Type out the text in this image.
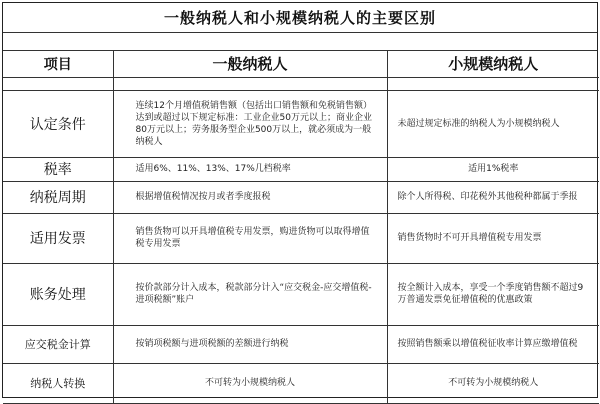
一般纳税人和小规模纳税人的主要区别
项目	一般纳税人	小规模纳税人

认定条件	连续12个月增值税销售额（包括出口销售额和免税销售额）达到或超过以下规定标准：工业企业50万元以上；商业企业80万元以上；劳务服务型企业500万以上，就必须成为一般纳税人	未超过规定标准的纳税人为小规模纳税人
税率	适用6%、11%、13%、17%几档税率	适用1%税率
纳税周期	根据增值税情况按月或者季度报税	除个人所得税、印花税外其他税种都属于季报
适用发票	销售货物可以开具增值税专用发票，购进货物可以取得增值税专用发票	销售货物时不可开具增值税专用发票
账务处理	按价款部分计入成本，税款部分计入“应交税金-应交增值税-进项税额”账户	按全额计入成本，享受一个季度销售额不超过9万普通发票免征增值税的优惠政策
应交税金计算	按销项税额与进项税额的差额进行纳税	按照销售额乘以增值税征收率计算应缴增值税
纳税人转换	不可转为小规模纳税人	不可转为小规模纳税人
